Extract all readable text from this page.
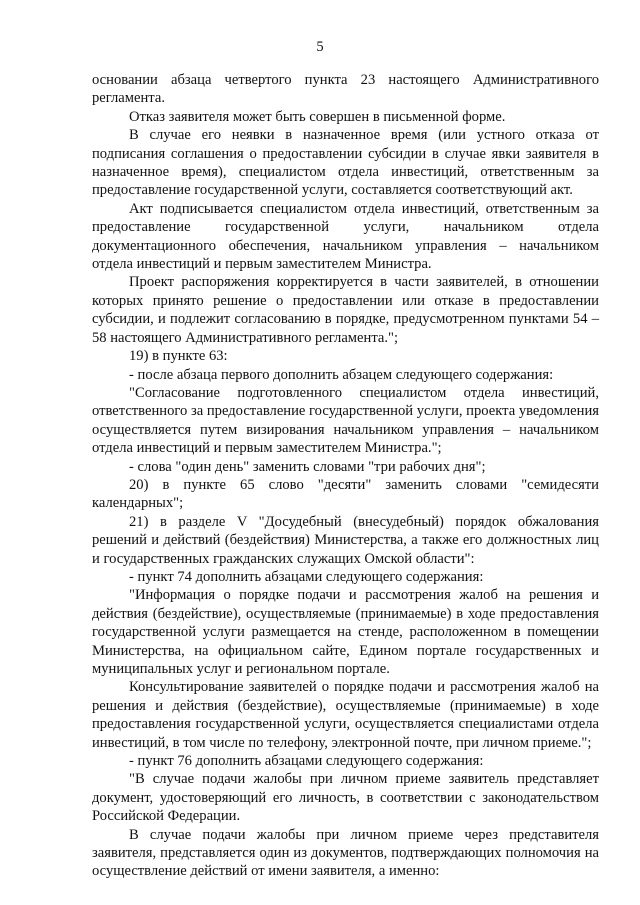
5

основании абзаца четвертого пункта 23 настоящего Административного регламента.

Отказ заявителя может быть совершен в письменной форме.

В случае его неявки в назначенное время (или устного отказа от подписания соглашения о предоставлении субсидии в случае явки заявителя в назначенное время), специалистом отдела инвестиций, ответственным за предоставление государственной услуги, составляется соответствующий акт.

Акт подписывается специалистом отдела инвестиций, ответственным за предоставление государственной услуги, начальником отдела документационного обеспечения, начальником управления – начальником отдела инвестиций и первым заместителем Министра.

Проект распоряжения корректируется в части заявителей, в отношении которых принято решение о предоставлении или отказе в предоставлении субсидии, и подлежит согласованию в порядке, предусмотренном пунктами 54 – 58 настоящего Административного регламента.";

19) в пункте 63:

- после абзаца первого дополнить абзацем следующего содержания:

"Согласование подготовленного специалистом отдела инвестиций, ответственного за предоставление государственной услуги, проекта уведомления осуществляется путем визирования начальником управления – начальником отдела инвестиций и первым заместителем Министра.";

- слова "один день" заменить словами "три рабочих дня";

20) в пункте 65 слово "десяти" заменить словами "семидесяти календарных";

21) в разделе V "Досудебный (внесудебный) порядок обжалования решений и действий (бездействия) Министерства, а также его должностных лиц и государственных гражданских служащих Омской области":

- пункт 74 дополнить абзацами следующего содержания:

"Информация о порядке подачи и рассмотрения жалоб на решения и действия (бездействие), осуществляемые (принимаемые) в ходе предоставления государственной услуги размещается на стенде, расположенном в помещении Министерства, на официальном сайте, Едином портале государственных и муниципальных услуг и региональном портале.

Консультирование заявителей о порядке подачи и рассмотрения жалоб на решения и действия (бездействие), осуществляемые (принимаемые) в ходе предоставления государственной услуги, осуществляется специалистами отдела инвестиций, в том числе по телефону, электронной почте, при личном приеме.";

- пункт 76 дополнить абзацами следующего содержания:

"В случае подачи жалобы при личном приеме заявитель представляет документ, удостоверяющий его личность, в соответствии с законодательством Российской Федерации.

В случае подачи жалобы при личном приеме через представителя заявителя, представляется один из документов, подтверждающих полномочия на осуществление действий от имени заявителя, а именно:
